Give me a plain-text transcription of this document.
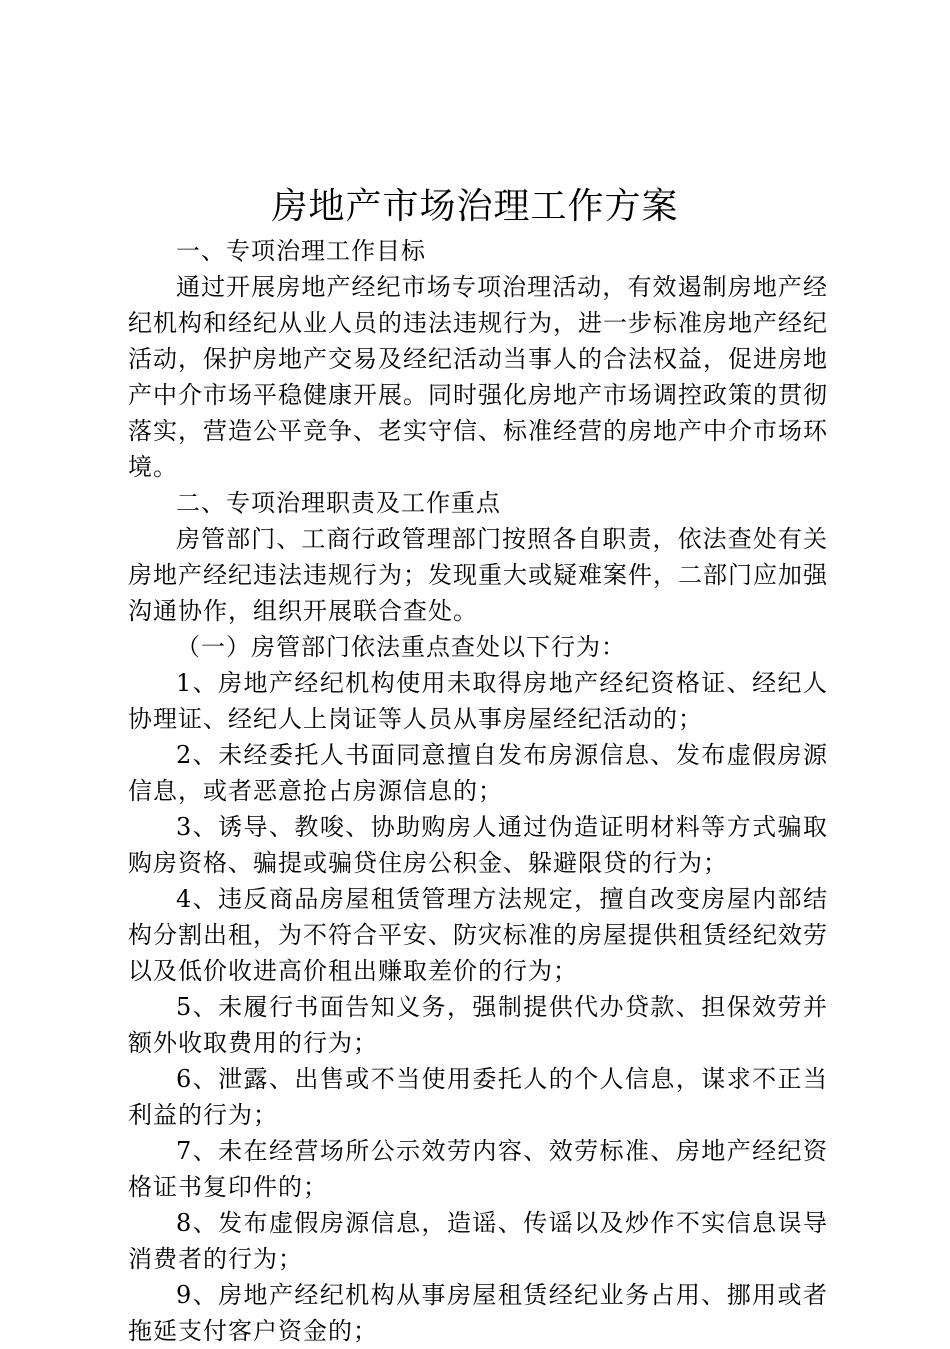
房地产市场治理工作方案

一、专项治理工作目标

通过开展房地产经纪市场专项治理活动，有效遏制房地产经纪机构和经纪从业人员的违法违规行为，进一步标准房地产经纪活动，保护房地产交易及经纪活动当事人的合法权益，促进房地产中介市场平稳健康开展。同时强化房地产市场调控政策的贯彻落实，营造公平竞争、老实守信、标准经营的房地产中介市场环境。

二、专项治理职责及工作重点

房管部门、工商行政管理部门按照各自职责，依法查处有关房地产经纪违法违规行为；发现重大或疑难案件，二部门应加强沟通协作，组织开展联合查处。

（一）房管部门依法重点查处以下行为：

1、房地产经纪机构使用未取得房地产经纪资格证、经纪人协理证、经纪人上岗证等人员从事房屋经纪活动的；

2、未经委托人书面同意擅自发布房源信息、发布虚假房源信息，或者恶意抢占房源信息的；

3、诱导、教唆、协助购房人通过伪造证明材料等方式骗取购房资格、骗提或骗贷住房公积金、躲避限贷的行为；

4、违反商品房屋租赁管理方法规定，擅自改变房屋内部结构分割出租，为不符合平安、防灾标准的房屋提供租赁经纪效劳以及低价收进高价租出赚取差价的行为；

5、未履行书面告知义务，强制提供代办贷款、担保效劳并额外收取费用的行为；

6、泄露、出售或不当使用委托人的个人信息，谋求不正当利益的行为；

7、未在经营场所公示效劳内容、效劳标准、房地产经纪资格证书复印件的；

8、发布虚假房源信息，造谣、传谣以及炒作不实信息误导消费者的行为；

9、房地产经纪机构从事房屋租赁经纪业务占用、挪用或者拖延支付客户资金的；
